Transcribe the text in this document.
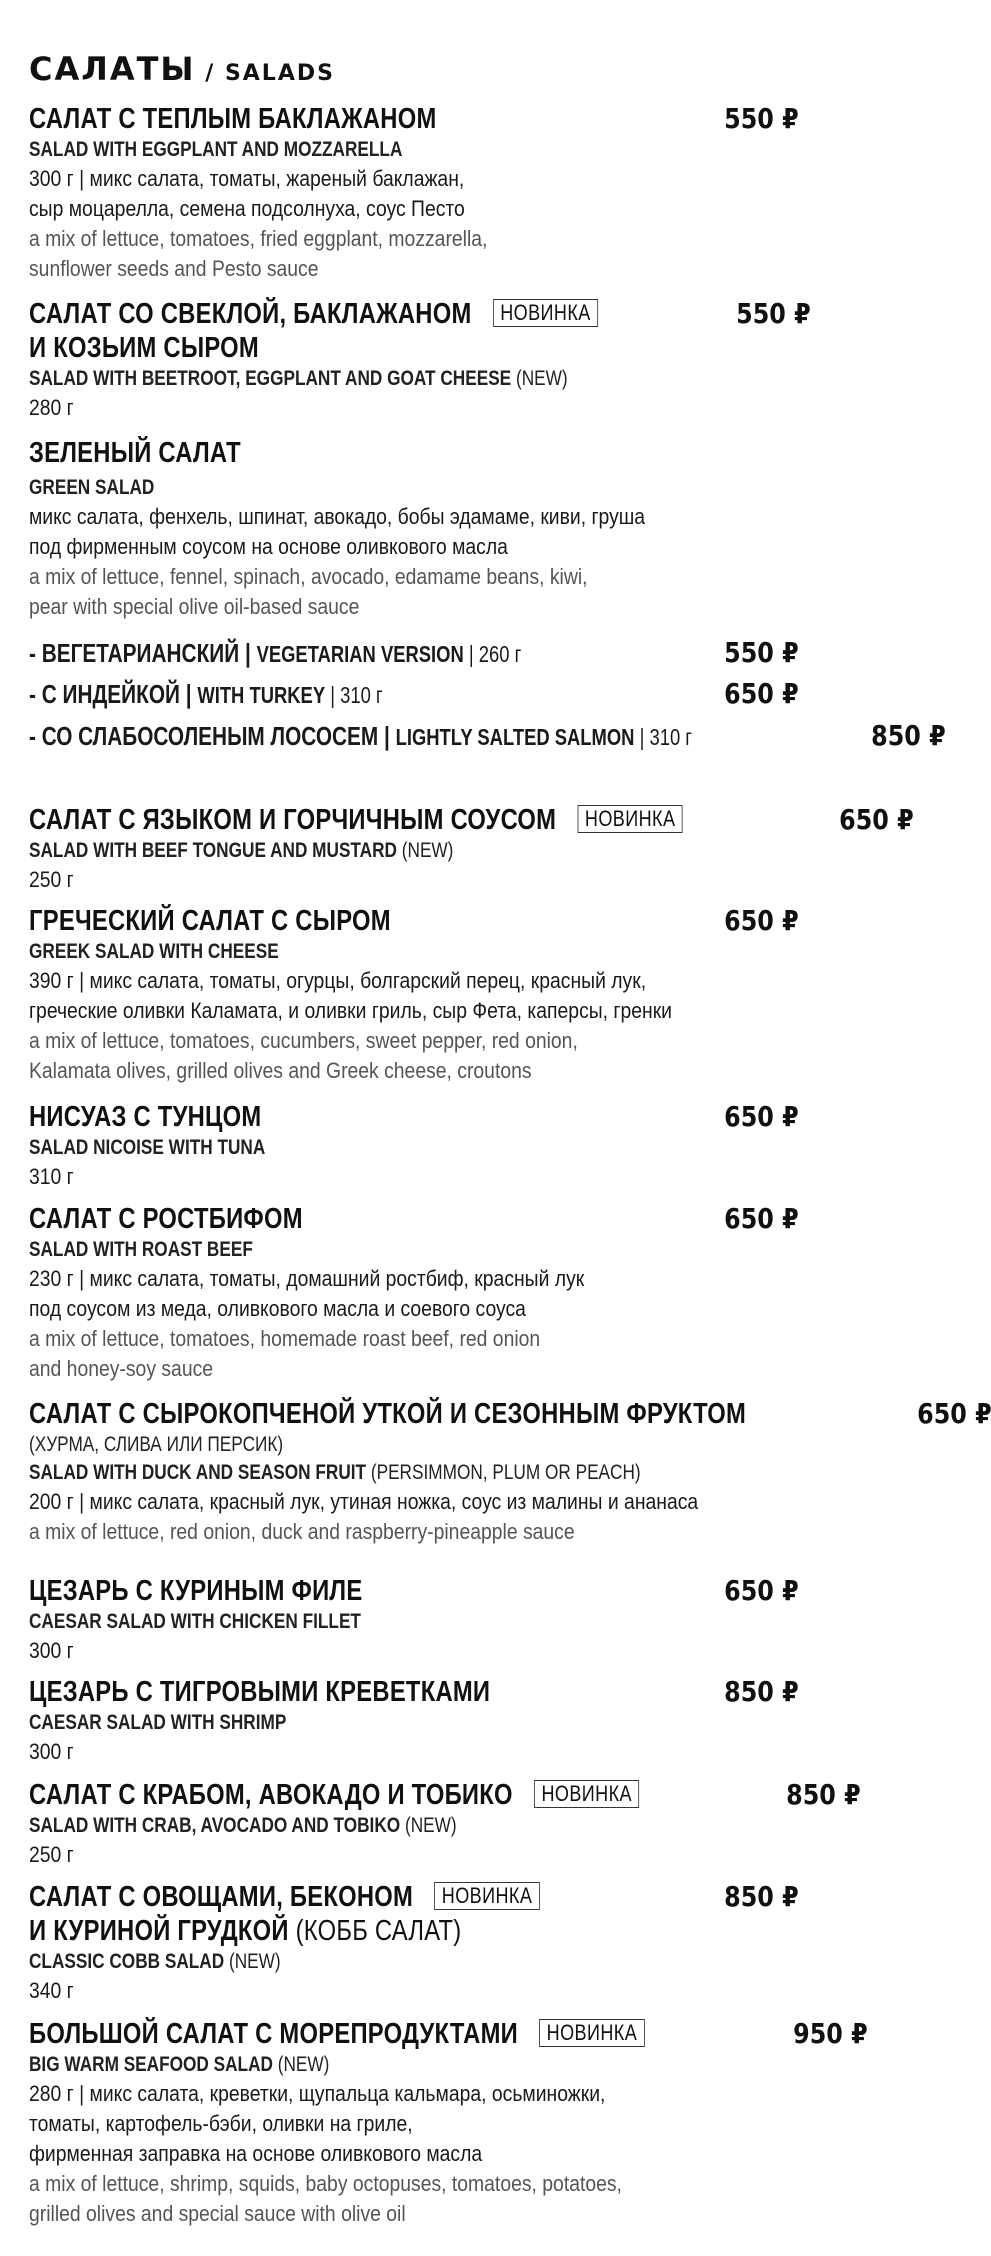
САЛАТЫ / SALADS
САЛАТ С ТЕПЛЫМ БАКЛАЖАНОМ	550 ₽
SALAD WITH EGGPLANT AND MOZZARELLA
300 г | микс салата, томаты, жареный баклажан,
сыр моцарелла, семена подсолнуха, соус Песто
a mix of lettuce, tomatoes, fried eggplant, mozzarella,
sunflower seeds and Pesto sauce
САЛАТ СО СВЕКЛОЙ, БАКЛАЖАНОМ НОВИНКА	550 ₽
И КОЗЬИМ СЫРОМ
SALAD WITH BEETROOT, EGGPLANT AND GOAT CHEESE (NEW)
280 г
ЗЕЛЕНЫЙ САЛАТ
GREEN SALAD
микс салата, фенхель, шпинат, авокадо, бобы эдамаме, киви, груша
под фирменным соусом на основе оливкового масла
a mix of lettuce, fennel, spinach, avocado, edamame beans, kiwi,
pear with special olive oil-based sauce
- ВЕГЕТАРИАНСКИЙ | VEGETARIAN VERSION | 260 г	550 ₽
- С ИНДЕЙКОЙ | WITH TURKEY | 310 г	650 ₽
- СО СЛАБОСОЛЕНЫМ ЛОСОСЕМ | LIGHTLY SALTED SALMON | 310 г	850 ₽
САЛАТ С ЯЗЫКОМ И ГОРЧИЧНЫМ СОУСОМ НОВИНКА	650 ₽
SALAD WITH BEEF TONGUE AND MUSTARD (NEW)
250 г
ГРЕЧЕСКИЙ САЛАТ С СЫРОМ	650 ₽
GREEK SALAD WITH CHEESE
390 г | микс салата, томаты, огурцы, болгарский перец, красный лук,
греческие оливки Каламата, и оливки гриль, сыр Фета, каперсы, гренки
a mix of lettuce, tomatoes, cucumbers, sweet pepper, red onion,
Kalamata olives, grilled olives and Greek cheese, croutons
НИСУАЗ С ТУНЦОМ	650 ₽
SALAD NICOISE WITH TUNA
310 г
САЛАТ С РОСТБИФОМ	650 ₽
SALAD WITH ROAST BEEF
230 г | микс салата, томаты, домашний ростбиф, красный лук
под соусом из меда, оливкового масла и соевого соуса
a mix of lettuce, tomatoes, homemade roast beef, red onion
and honey-soy sauce
САЛАТ С СЫРОКОПЧЕНОЙ УТКОЙ И СЕЗОННЫМ ФРУКТОМ	650 ₽
(ХУРМА, СЛИВА ИЛИ ПЕРСИК)
SALAD WITH DUCK AND SEASON FRUIT (PERSIMMON, PLUM OR PEACH)
200 г | микс салата, красный лук, утиная ножка, соус из малины и ананаса
a mix of lettuce, red onion, duck and raspberry-pineapple sauce
ЦЕЗАРЬ С КУРИНЫМ ФИЛЕ	650 ₽
CAESAR SALAD WITH CHICKEN FILLET
300 г
ЦЕЗАРЬ С ТИГРОВЫМИ КРЕВЕТКАМИ	850 ₽
CAESAR SALAD WITH SHRIMP
300 г
САЛАТ С КРАБОМ, АВОКАДО И ТОБИКО НОВИНКА	850 ₽
SALAD WITH CRAB, AVOCADO AND TOBIKO (NEW)
250 г
САЛАТ С ОВОЩАМИ, БЕКОНОМ НОВИНКА	850 ₽
И КУРИНОЙ ГРУДКОЙ (КОББ САЛАТ)
CLASSIC COBB SALAD (NEW)
340 г
БОЛЬШОЙ САЛАТ С МОРЕПРОДУКТАМИ НОВИНКА	950 ₽
BIG WARM SEAFOOD SALAD (NEW)
280 г | микс салата, креветки, щупальца кальмара, осьминожки,
томаты, картофель-бэби, оливки на гриле,
фирменная заправка на основе оливкового масла
a mix of lettuce, shrimp, squids, baby octopuses, tomatoes, potatoes,
grilled olives and special sauce with olive oil
